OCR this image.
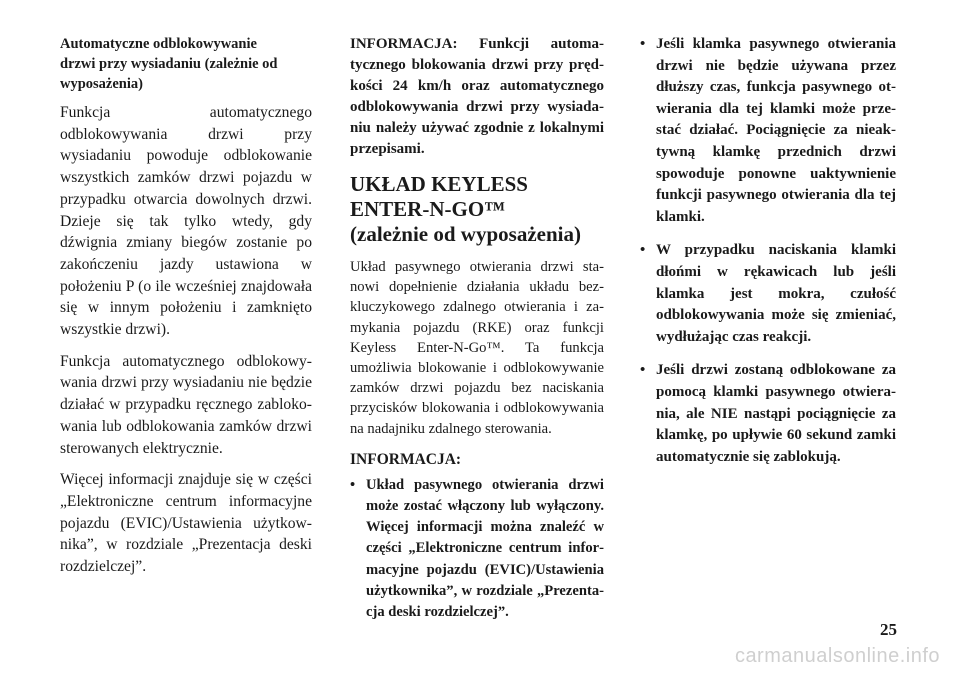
Automatyczne odblokowywanie
drzwi przy wysiadaniu (zależnie od wyposażenia)

Funkcja automatycznego odblokowywania drzwi przy wysiadaniu powoduje odblokowanie wszystkich zamków drzwi pojazdu w przypadku otwarcia dowolnych drzwi. Dzieje się tak tylko wtedy, gdy dźwignia zmiany biegów zostanie po zakończeniu jazdy ustawiona w położeniu P (o ile wcześniej znajdowała się w innym położeniu i zamknięto wszystkie drzwi).

Funkcja automatycznego odblokowywania drzwi przy wysiadaniu nie będzie działać w przypadku ręcznego zablokowania lub odblokowania zamków drzwi sterowanych elektrycznie.

Więcej informacji znajduje się w części „Elektroniczne centrum informacyjne pojazdu (EVIC)/Ustawienia użytkownika”, w rozdziale „Prezentacja deski rozdzielczej”.

INFORMACJA: Funkcji automatycznego blokowania drzwi przy prędkości 24 km/h oraz automatycznego odblokowywania drzwi przy wysiadaniu należy używać zgodnie z lokalnymi przepisami.

UKŁAD KEYLESS
ENTER-N-GO™
(zależnie od wyposażenia)

Układ pasywnego otwierania drzwi stanowi dopełnienie działania układu bezkluczykowego zdalnego otwierania i zamykania pojazdu (RKE) oraz funkcji Keyless Enter-N-Go™. Ta funkcja umożliwia blokowanie i odblokowywanie zamków drzwi pojazdu bez naciskania przycisków blokowania i odblokowywania na nadajniku zdalnego sterowania.

INFORMACJA:
• Układ pasywnego otwierania drzwi może zostać włączony lub wyłączony. Więcej informacji można znaleźć w części „Elektroniczne centrum informacyjne pojazdu (EVIC)/Ustawienia użytkownika”, w rozdziale „Prezentacja deski rozdzielczej”.
• Jeśli klamka pasywnego otwierania drzwi nie będzie używana przez dłuższy czas, funkcja pasywnego otwierania dla tej klamki może przestać działać. Pociągnięcie za nieaktywną klamkę przednich drzwi spowoduje ponowne uaktywnienie funkcji pasywnego otwierania dla tej klamki.
• W przypadku naciskania klamki dłońmi w rękawicach lub jeśli klamka jest mokra, czułość odblokowywania może się zmieniać, wydłużając czas reakcji.
• Jeśli drzwi zostaną odblokowane za pomocą klamki pasywnego otwierania, ale NIE nastąpi pociągnięcie za klamkę, po upływie 60 sekund zamki automatycznie się zablokują.
25
carmanualsonline.info
